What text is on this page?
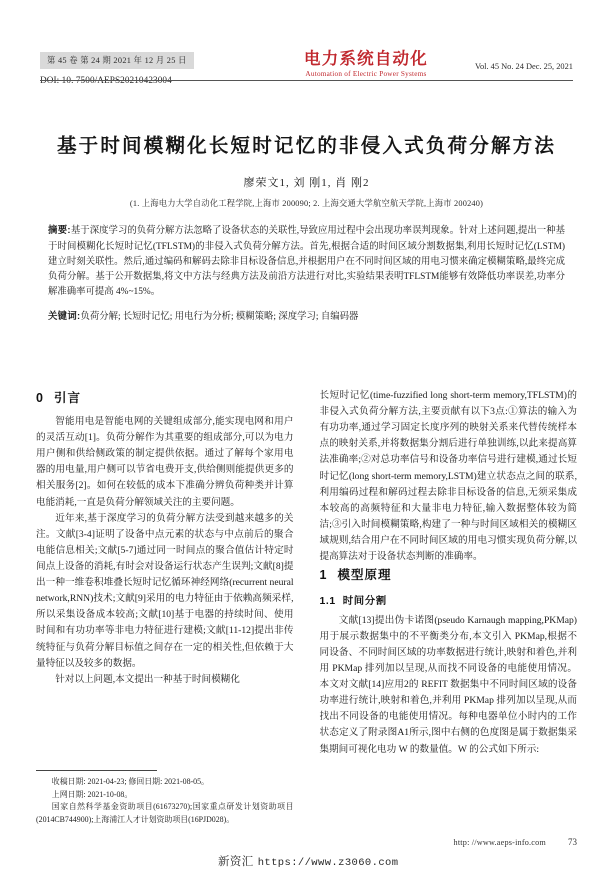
第 45 卷 第 24 期 2021 年 12 月 25 日
DOI: 10. 7500/AEPS20210423004
电力系统自动化
Automation of Electric Power Systems
Vol. 45 No. 24 Dec. 25, 2021
基于时间模糊化长短时记忆的非侵入式负荷分解方法
廖荣文1, 刘 刚1, 肖 刚2
(1. 上海电力大学自动化工程学院,上海市 200090; 2. 上海交通大学航空航天学院,上海市 200240)
摘要:基于深度学习的负荷分解方法忽略了设备状态的关联性,导致应用过程中会出现功率误判现象。针对上述问题,提出一种基于时间模糊化长短时记忆(TFLSTM)的非侵入式负荷分解方法。首先,根据合适的时间区域分割数据集,利用长短时记忆(LSTM)建立时刻关联性。然后,通过编码和解码去除非目标设备信息,并根据用户在不同时间区域的用电习惯来确定模糊策略,最终完成负荷分解。基于公开数据集,将文中方法与经典方法及前沿方法进行对比,实验结果表明TFLSTM能够有效降低功率误差,功率分解准确率可提高 4%~15%。
关键词:负荷分解; 长短时记忆; 用电行为分析; 模糊策略; 深度学习; 自编码器
0 引言

智能用电是智能电网的关键组成部分,能实现电网和用户的灵活互动[1]。负荷分解作为其重要的组成部分,可以为电力用户侧和供给侧政策的制定提供依据。通过了解每个家用电器的用电量,用户侧可以节省电费开支,供给侧则能提供更多的相关服务[2]。如何在较低的成本下准确分辨负荷种类并计算电能消耗,一直是负荷分解领域关注的主要问题。

近年来,基于深度学习的负荷分解方法受到越来越多的关注。文献[3-4]证明了设备中点元素的状态与中点前后的聚合电能信息相关;文献[5-7]通过同一时间点的聚合值估计特定时间点上设备的消耗,有时会对设备运行状态产生误判;文献[8]提出一种一维卷积堆叠长短时记忆循环神经网络(recurrent neural network,RNN)技术;文献[9]采用的电力特征由于依赖高频采样,所以采集设备成本较高;文献[10]基于电器的持续时间、使用时间和有功功率等非电力特征进行建模;文献[11-12]提出非传统特征与负荷分解目标值之间存在一定的相关性,但依赖于大量特征以及较多的数据。

针对以上问题,本文提出一种基于时间模糊化

收稿日期: 2021-04-23; 修回日期: 2021-08-05。

上网日期: 2021-10-08。

国家自然科学基金资助项目(61673270);国家重点研发计划资助项目(2014CB744900);上海浦江人才计划资助项目(16PJD028)。

长短时记忆(time-fuzzified long short-term memory,TFLSTM)的非侵入式负荷分解方法,主要贡献有以下3点:①算法的输入为有功功率,通过学习固定长度序列的映射关系来代替传统样本点的映射关系,并将数据集分割后进行单独训练,以此来提高算法准确率;②对总功率信号和设备功率信号进行建模,通过长短时记忆(long short-term memory,LSTM)建立状态点之间的联系,利用编码过程和解码过程去除非目标设备的信息,无须采集成本较高的高频特征和大量非电力特征,输入数据整体较为简洁;③引入时间模糊策略,构建了一种与时间区域相关的模糊区域规则,结合用户在不同时间区域的用电习惯实现负荷分解,以提高算法对于设备状态判断的准确率。

1 模型原理
1.1 时间分割

文献[13]提出伪卡诺图(pseudo Karnaugh mapping,PKMap)用于展示数据集中的不平衡类分布,本文引入 PKMap,根据不同设备、不同时间区域的功率数据进行统计,映射和着色,并利用 PKMap 排列加以呈现,从而找不同设备的电能使用情况。本文对文献[14]应用2的 REFIT 数据集中不同时间区域的设备功率进行统计,映射和着色,并利用 PKMap 排列加以呈现,从而找出不同设备的电能使用情况。每种电器单位小时内的工作状态定义了附录图A1所示,图中右侧的色度图是属于数据集采集期间可视化电功 W 的数量值。W 的公式如下所示:

http: //www.aeps-info.com 73
新资汇 https://www.z3060.com
